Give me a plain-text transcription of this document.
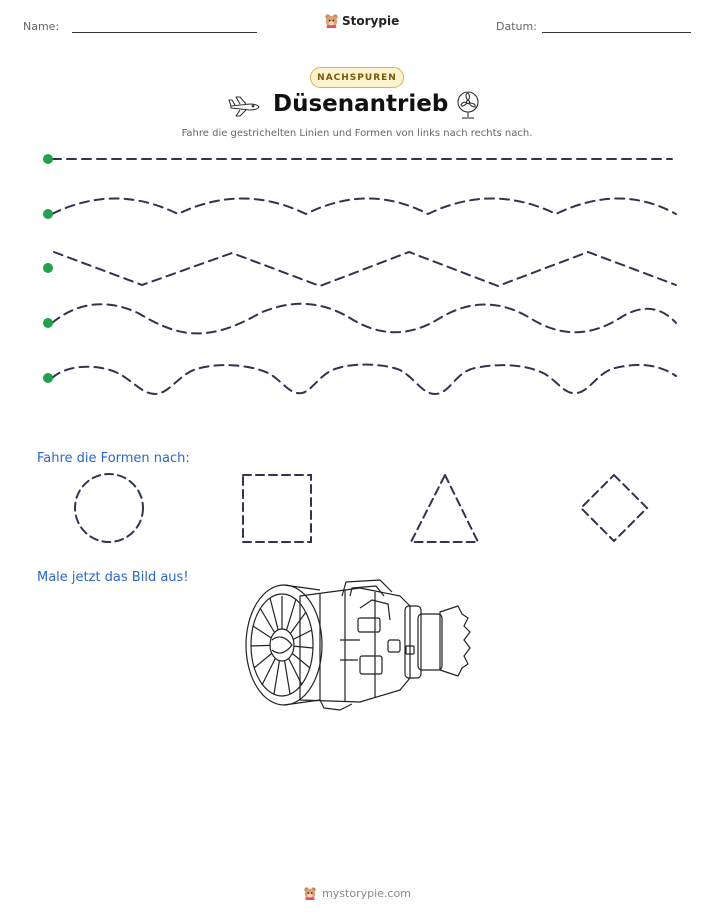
Name:	Storypie	Datum:
NACHSPUREN
Düsenantrieb
Fahre die gestrichelten Linien und Formen von links nach rechts nach.
Fahre die Formen nach:
Male jetzt das Bild aus!
mystorypie.com
